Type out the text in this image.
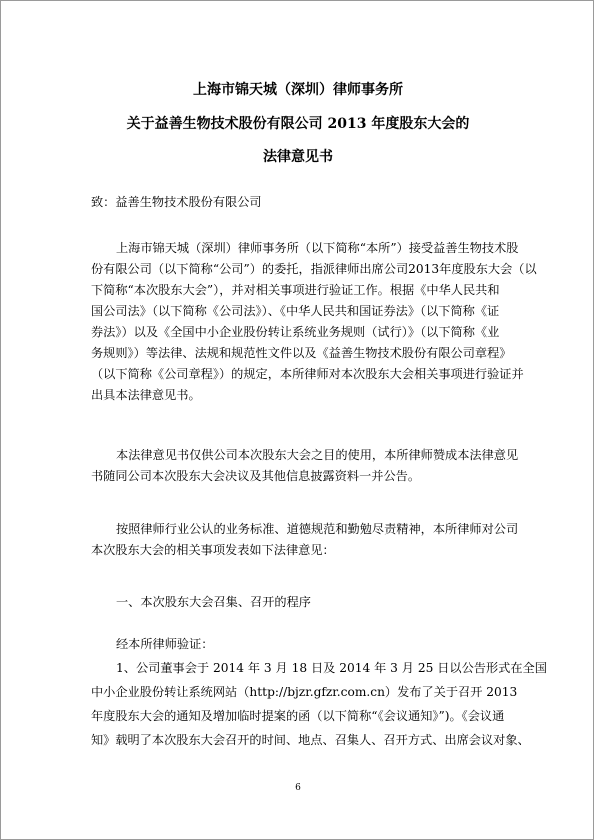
上海市锦天城（深圳）律师事务所
关于益善生物技术股份有限公司 2013 年度股东大会的
法律意见书
致：益善生物技术股份有限公司
上海市锦天城（深圳）律师事务所（以下简称“本所”）接受益善生物技术股
份有限公司（以下简称“公司”）的委托，指派律师出席公司2013年度股东大会（以
下简称“本次股东大会”），并对相关事项进行验证工作。根据《中华人民共和
国公司法》（以下简称《公司法》）、《中华人民共和国证券法》（以下简称《证
券法》）以及《全国中小企业股份转让系统业务规则（试行）》（以下简称《业
务规则》）等法律、法规和规范性文件以及《益善生物技术股份有限公司章程》
（以下简称《公司章程》）的规定，本所律师对本次股东大会相关事项进行验证并
出具本法律意见书。
本法律意见书仅供公司本次股东大会之目的使用，本所律师赞成本法律意见
书随同公司本次股东大会决议及其他信息披露资料一并公告。
按照律师行业公认的业务标准、道德规范和勤勉尽责精神，本所律师对公司
本次股东大会的相关事项发表如下法律意见：
一、本次股东大会召集、召开的程序
经本所律师验证：
1、公司董事会于 2014 年 3 月 18 日及 2014 年 3 月 25 日以公告形式在全国
中小企业股份转让系统网站（http://bjzr.gfzr.com.cn）发布了关于召开 2013
年度股东大会的通知及增加临时提案的函（以下简称“《会议通知》”)。《会议通
知》载明了本次股东大会召开的时间、地点、召集人、召开方式、出席会议对象、
6
